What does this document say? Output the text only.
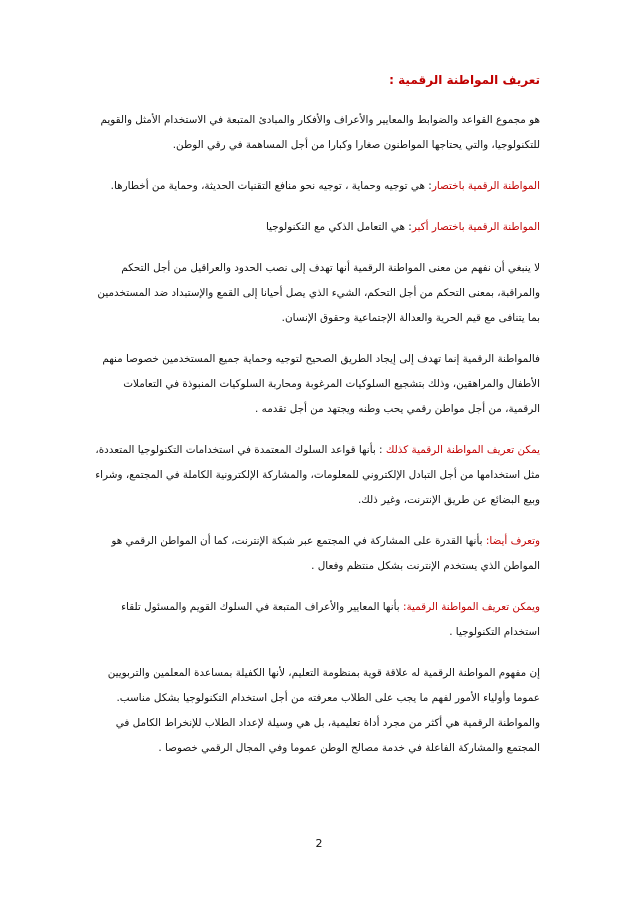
تعريف المواطنة الرقمية :

هو مجموع القواعد والضوابط والمعايير والأعراف والأفكار والمبادئ المتبعة في الاستخدام الأمثل والقويم للتكنولوجيا، والتي يحتاجها المواطنون صغارا وكبارا من أجل المساهمة في رقي الوطن.

المواطنة الرقمية باختصار: هي توجيه وحماية ، توجيه نحو منافع التقنيات الحديثة، وحماية من أخطارها.

المواطنة الرقمية باختصار أكبر: هي التعامل الذكي مع التكنولوجيا

لا ينبغي أن نفهم من معنى المواطنة الرقمية أنها تهدف إلى نصب الحدود والعراقيل من أجل التحكم والمراقبة، بمعنى التحكم من أجل التحكم، الشيء الذي يصل أحيانا إلى القمع والإستبداد ضد المستخدمين بما يتنافى مع قيم الحرية والعدالة الإجتماعية وحقوق الإنسان.

فالمواطنة الرقمية إنما تهدف إلى إيجاد الطريق الصحيح لتوجيه وحماية جميع المستخدمين خصوصا منهم الأطفال والمراهقين، وذلك بتشجيع السلوكيات المرغوبة ومحاربة السلوكيات المنبوذة في التعاملات الرقمية، من أجل مواطن رقمي يحب وطنه ويجتهد من أجل تقدمه .

يمكن تعريف المواطنة الرقمية كذلك : بأنها قواعد السلوك المعتمدة في استخدامات التكنولوجيا المتعددة، مثل استخدامها من أجل التبادل الإلكتروني للمعلومات، والمشاركة الإلكترونية الكاملة في المجتمع، وشراء وبيع البضائع عن طريق الإنترنت، وغير ذلك.

وتعرف أيضا: بأنها القدرة على المشاركة في المجتمع عبر شبكة الإنترنت، كما أن المواطن الرقمي هو المواطن الذي يستخدم الإنترنت بشكل منتظم وفعال .

ويمكن تعريف المواطنة الرقمية: بأنها المعايير والأعراف المتبعة في السلوك القويم والمسئول تلقاء استخدام التكنولوجيا .

إن مفهوم المواطنة الرقمية له علاقة قوية بمنظومة التعليم، لأنها الكفيلة بمساعدة المعلمين والتربويين عموما وأولياء الأمور لفهم ما يجب على الطلاب معرفته من أجل استخدام التكنولوجيا بشكل مناسب. والمواطنة الرقمية هي أكثر من مجرد أداة تعليمية، بل هي وسيلة لإعداد الطلاب للإنخراط الكامل في المجتمع والمشاركة الفاعلة في خدمة مصالح الوطن عموما وفي المجال الرقمي خصوصا .

2
